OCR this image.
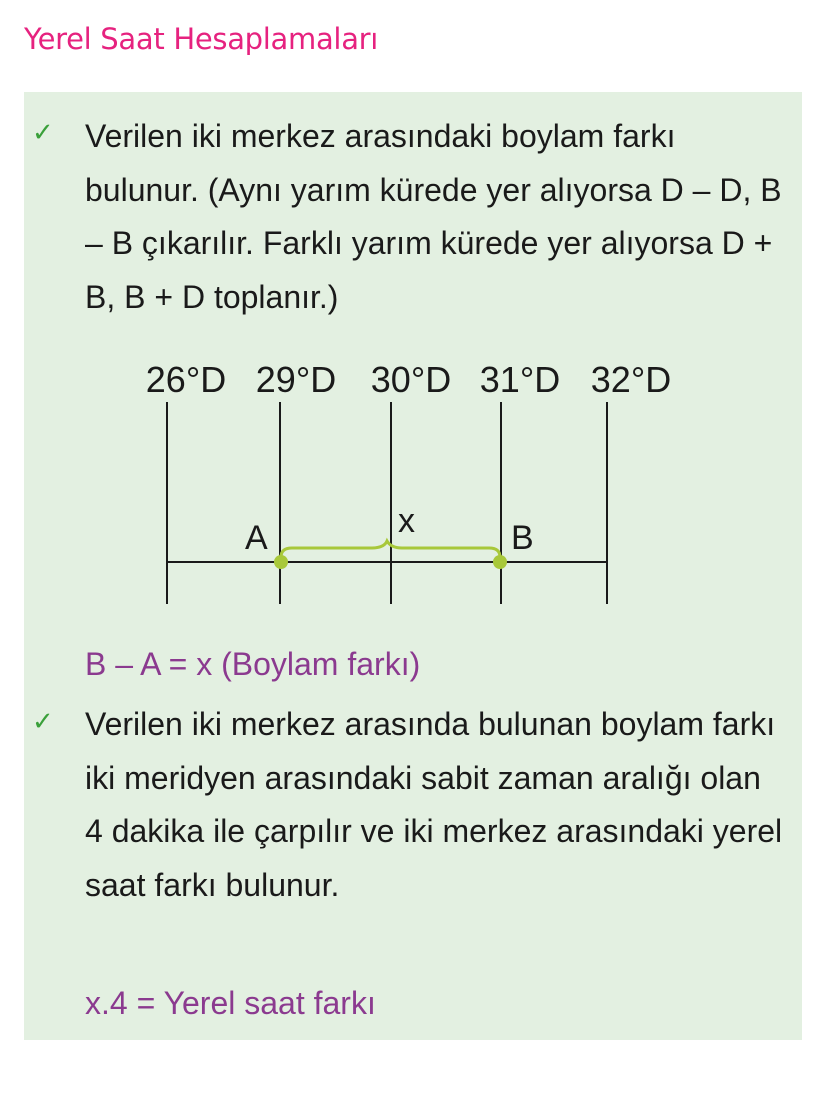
Yerel Saat Hesaplamaları
✓ Verilen iki merkez arasındaki boylam farkı bulunur. (Aynı yarım kürede yer alıyorsa D – D, B – B çıkarılır. Farklı yarım kürede yer alıyorsa D + B, B + D toplanır.)

26°D 29°D 30°D 31°D 32°D
A	B
x
B – A = x (Boylam farkı)
✓ Verilen iki merkez arasında bulunan boylam farkı iki meridyen arasındaki sabit zaman aralığı olan 4 dakika ile çarpılır ve iki merkez arasındaki yerel saat farkı bulunur.

x.4 = Yerel saat farkı
